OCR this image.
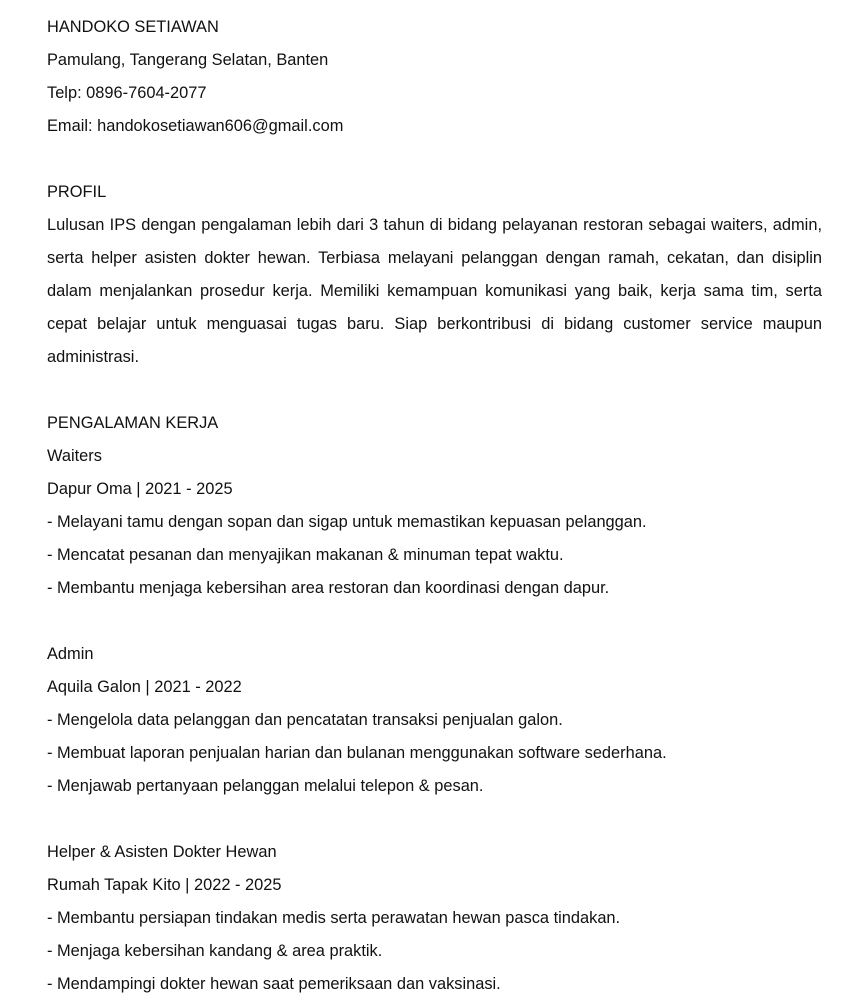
HANDOKO SETIAWAN
Pamulang, Tangerang Selatan, Banten
Telp: 0896-7604-2077
Email: handokosetiawan606@gmail.com
PROFIL
Lulusan IPS dengan pengalaman lebih dari 3 tahun di bidang pelayanan restoran sebagai waiters, admin, serta helper asisten dokter hewan. Terbiasa melayani pelanggan dengan ramah, cekatan, dan disiplin dalam menjalankan prosedur kerja. Memiliki kemampuan komunikasi yang baik, kerja sama tim, serta cepat belajar untuk menguasai tugas baru. Siap berkontribusi di bidang customer service maupun administrasi.
PENGALAMAN KERJA
Waiters
Dapur Oma | 2021 - 2025
- Melayani tamu dengan sopan dan sigap untuk memastikan kepuasan pelanggan.
- Mencatat pesanan dan menyajikan makanan & minuman tepat waktu.
- Membantu menjaga kebersihan area restoran dan koordinasi dengan dapur.
Admin
Aquila Galon | 2021 - 2022
- Mengelola data pelanggan dan pencatatan transaksi penjualan galon.
- Membuat laporan penjualan harian dan bulanan menggunakan software sederhana.
- Menjawab pertanyaan pelanggan melalui telepon & pesan.
Helper & Asisten Dokter Hewan
Rumah Tapak Kito | 2022 - 2025
- Membantu persiapan tindakan medis serta perawatan hewan pasca tindakan.
- Menjaga kebersihan kandang & area praktik.
- Mendampingi dokter hewan saat pemeriksaan dan vaksinasi.
